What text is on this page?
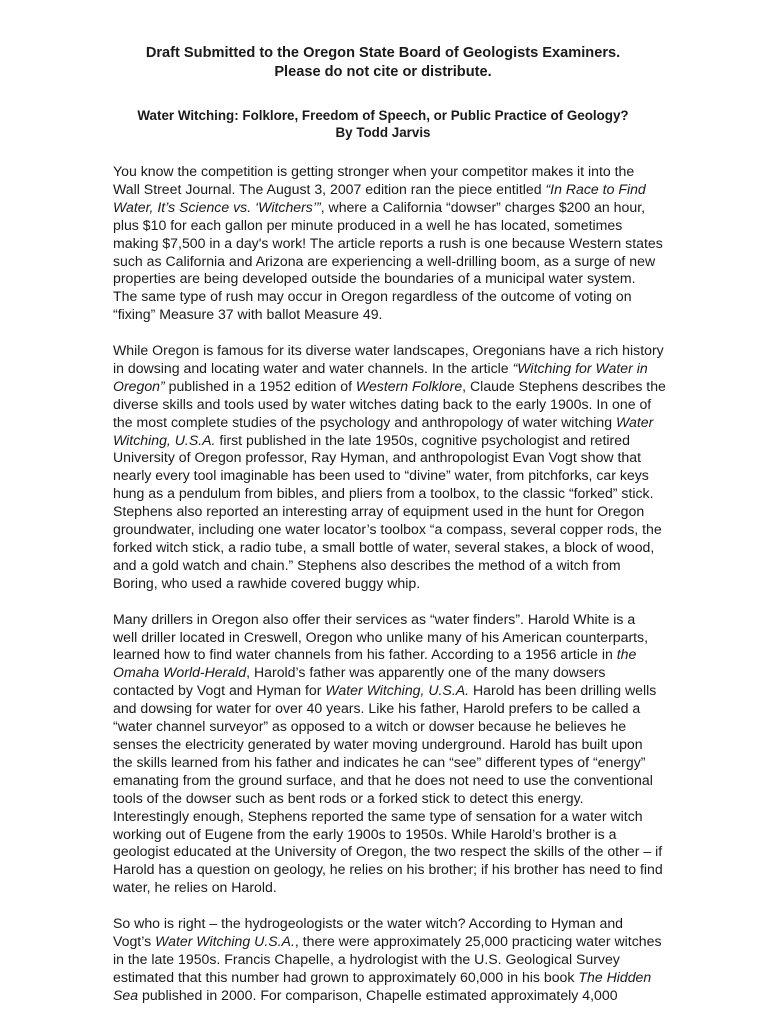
Draft Submitted to the Oregon State Board of Geologists Examiners.
Please do not cite or distribute.

Water Witching: Folklore, Freedom of Speech, or Public Practice of Geology?

By Todd Jarvis

You know the competition is getting stronger when your competitor makes it into the
Wall Street Journal. The August 3, 2007 edition ran the piece entitled “In Race to Find
Water, It’s Science vs. ‘Witchers’”, where a California “dowser” charges $200 an hour,
plus $10 for each gallon per minute produced in a well he has located, sometimes
making $7,500 in a day's work! The article reports a rush is one because Western states
such as California and Arizona are experiencing a well-drilling boom, as a surge of new
properties are being developed outside the boundaries of a municipal water system.
The same type of rush may occur in Oregon regardless of the outcome of voting on
“fixing” Measure 37 with ballot Measure 49.

While Oregon is famous for its diverse water landscapes, Oregonians have a rich history
in dowsing and locating water and water channels. In the article “Witching for Water in
Oregon” published in a 1952 edition of Western Folklore, Claude Stephens describes the
diverse skills and tools used by water witches dating back to the early 1900s. In one of
the most complete studies of the psychology and anthropology of water witching Water
Witching, U.S.A. first published in the late 1950s, cognitive psychologist and retired
University of Oregon professor, Ray Hyman, and anthropologist Evan Vogt show that
nearly every tool imaginable has been used to “divine” water, from pitchforks, car keys
hung as a pendulum from bibles, and pliers from a toolbox, to the classic “forked” stick.
Stephens also reported an interesting array of equipment used in the hunt for Oregon
groundwater, including one water locator’s toolbox “a compass, several copper rods, the
forked witch stick, a radio tube, a small bottle of water, several stakes, a block of wood,
and a gold watch and chain.” Stephens also describes the method of a witch from
Boring, who used a rawhide covered buggy whip.

Many drillers in Oregon also offer their services as “water finders”. Harold White is a
well driller located in Creswell, Oregon who unlike many of his American counterparts,
learned how to find water channels from his father. According to a 1956 article in the
Omaha World-Herald, Harold’s father was apparently one of the many dowsers
contacted by Vogt and Hyman for Water Witching, U.S.A. Harold has been drilling wells
and dowsing for water for over 40 years. Like his father, Harold prefers to be called a
“water channel surveyor” as opposed to a witch or dowser because he believes he
senses the electricity generated by water moving underground. Harold has built upon
the skills learned from his father and indicates he can “see” different types of “energy”
emanating from the ground surface, and that he does not need to use the conventional
tools of the dowser such as bent rods or a forked stick to detect this energy.
Interestingly enough, Stephens reported the same type of sensation for a water witch
working out of Eugene from the early 1900s to 1950s. While Harold’s brother is a
geologist educated at the University of Oregon, the two respect the skills of the other – if
Harold has a question on geology, he relies on his brother; if his brother has need to find
water, he relies on Harold.

So who is right – the hydrogeologists or the water witch? According to Hyman and
Vogt’s Water Witching U.S.A., there were approximately 25,000 practicing water witches
in the late 1950s. Francis Chapelle, a hydrologist with the U.S. Geological Survey
estimated that this number had grown to approximately 60,000 in his book The Hidden
Sea published in 2000. For comparison, Chapelle estimated approximately 4,000
